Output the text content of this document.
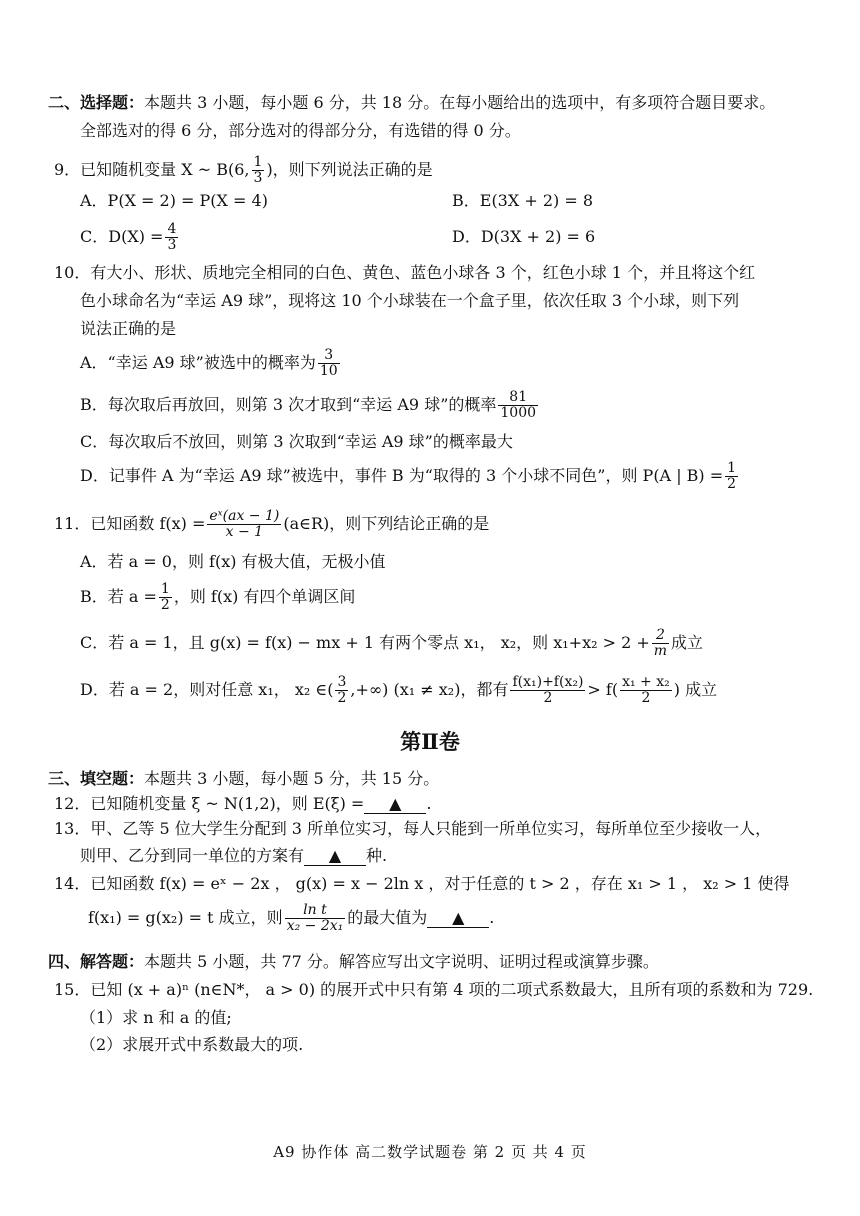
二、选择题：本题共 3 小题，每小题 6 分，共 18 分。在每小题给出的选项中，有多项符合题目要求。
全部选对的得 6 分，部分选对的得部分分，有选错的得 0 分。
9．已知随机变量 X ~ B(6, $\frac{1}{3}$ )，则下列说法正确的是
A．P(X = 2) = P(X = 4)	B．E(3X + 2) = 8
C．$D(X) = \frac{4}{3}$	D．D(3X + 2) = 6
10．有大小、形状、质地完全相同的白色、黄色、蓝色小球各 3 个，红色小球 1 个，并且将这个红
色小球命名为“幸运 A9 球”，现将这 10 个小球装在一个盒子里，依次任取 3 个小球，则下列
说法正确的是
A．“幸运 A9 球”被选中的概率为 $\frac{3}{10}$
B．每次取后再放回，则第 3 次才取到“幸运 A9 球”的概率 $\frac{81}{1000}$
C．每次取后不放回，则第 3 次取到“幸运 A9 球”的概率最大
D．记事件 A 为“幸运 A9 球”被选中，事件 B 为“取得的 3 个小球不同色”，则 P(A | $B) = \frac{1}{2}$
11．已知函数 $f(x) = \frac{\text{eˣ(ax − 1)}}{x - 1}$ (a∈R)，则下列结论正确的是
A．若 a = 0，则 f(x) 有极大值，无极小值
B．若 $a = \frac{1}{2}$ ，则 f(x) 有四个单调区间
C．若 a = 1，且 g(x) = f(x) − mx + 1 有两个零点 x₁， x₂，则 $x_1+x_2 > 2 + \frac{2}{m}$ 成立
D．若 a = 2，则对任意 x₁， x₂ ∈( $\frac{3}{2}$ ,+∞) (x₁ ≠ x₂)，都有 $\frac{\text{f(x₁)+f(x₂)}}{2} > f( \frac{\text{x₁ + x₂}}{2}$ ) 成立
第Ⅱ卷
三、填空题：本题共 3 小题，每小题 5 分，共 15 分。
12．已知随机变量 ξ ~ N(1,2)，则 E(ξ) = ▲ .
13．甲、乙等 5 位大学生分配到 3 所单位实习，每人只能到一所单位实习，每所单位至少接收一人，
则甲、乙分到同一单位的方案有 ▲ 种.
14．已知函数 f(x) = eˣ − 2x ， g(x) = x − 2ln x ，对于任意的 t > 2 ，存在 x₁ > 1 ， x₂ > 1 使得
f(x₁) = g(x₂) = t 成立，则 $\frac{\text{ln t}}{\text{x₂ − 2x₁}}$ 的最大值为 ▲ .
四、解答题：本题共 5 小题，共 77 分。解答应写出文字说明、证明过程或演算步骤。
15．已知 (x + a)ⁿ (n∈N*， a > 0) 的展开式中只有第 4 项的二项式系数最大，且所有项的系数和为 729.
（1）求 n 和 a 的值;
（2）求展开式中系数最大的项.
A9 协作体 高二数学试题卷 第 2 页 共 4 页
